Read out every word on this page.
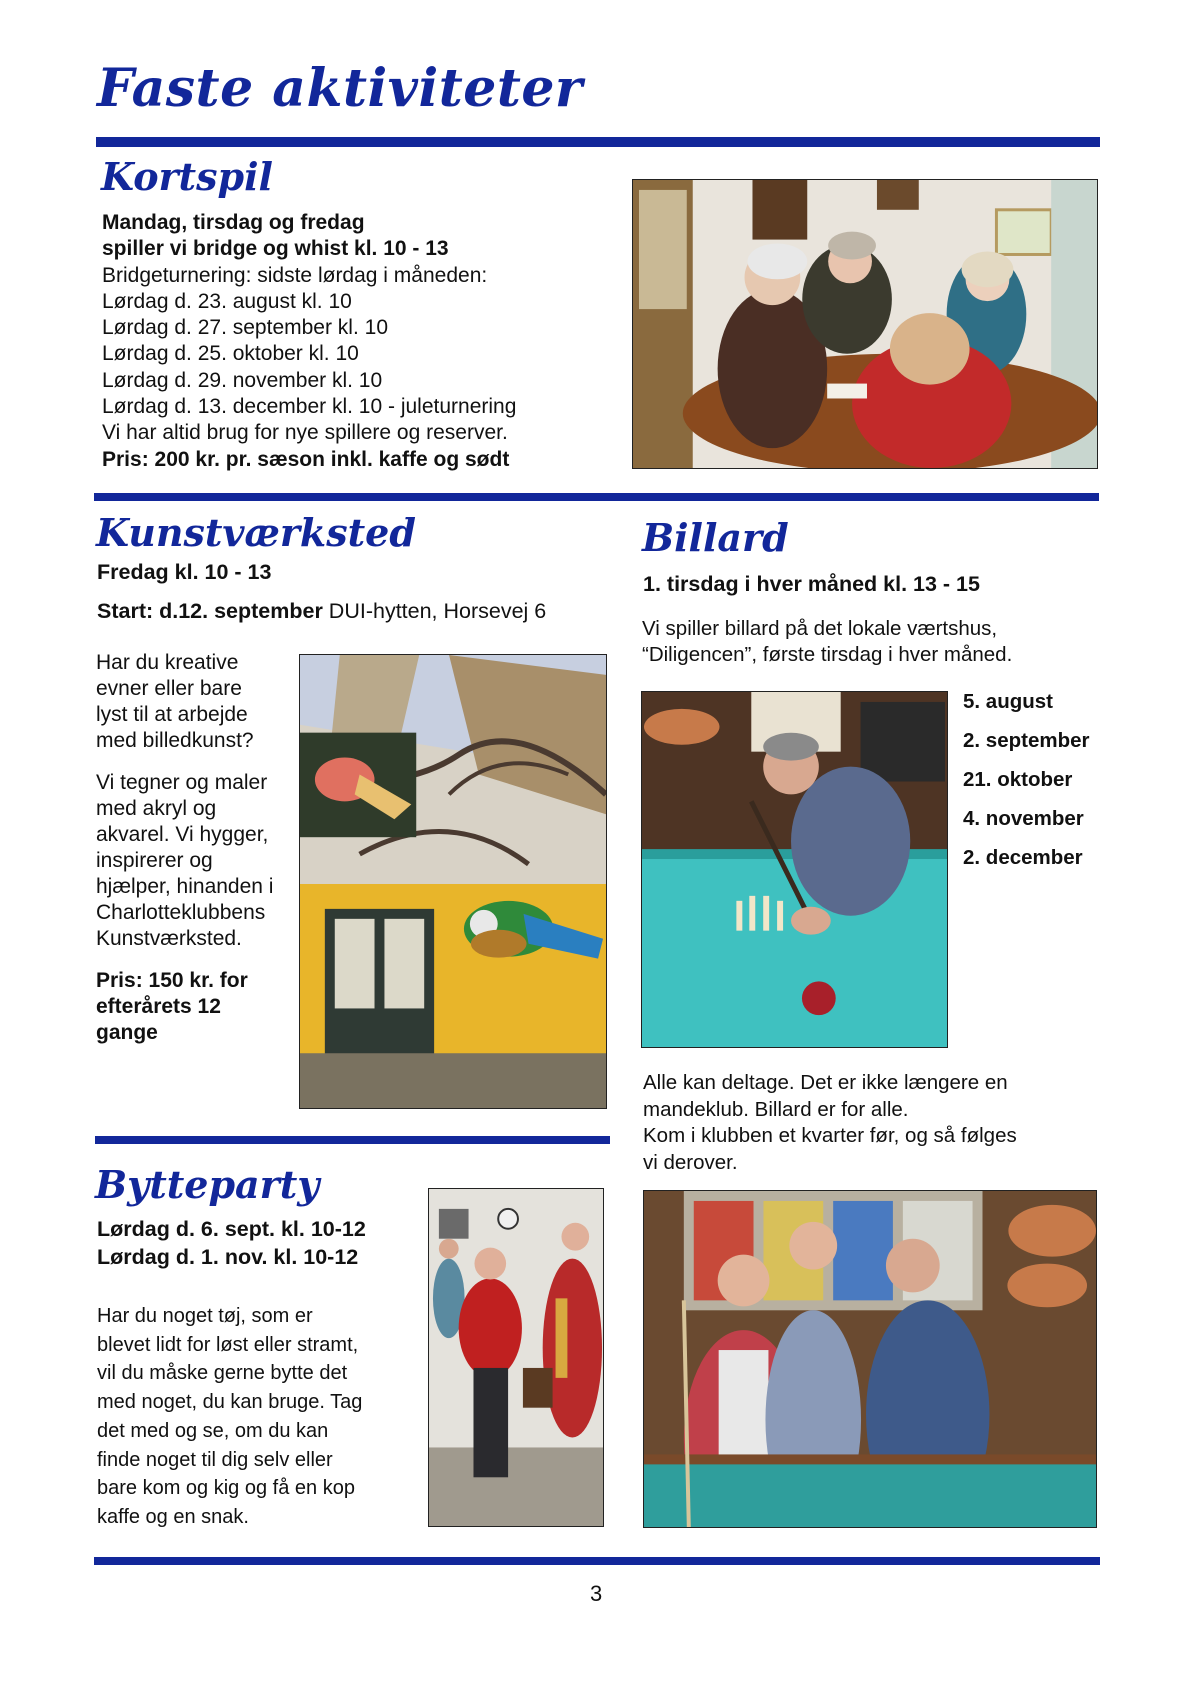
Faste aktiviteter
Kortspil
Mandag, tirsdag og fredag
spiller vi bridge og whist kl. 10 - 13
Bridgeturnering: sidste lørdag i måneden:
Lørdag d. 23. august kl. 10
Lørdag d. 27. september kl. 10
Lørdag d. 25. oktober kl. 10
Lørdag d. 29. november kl. 10
Lørdag d. 13. december kl. 10 - juleturnering
Vi har altid brug for nye spillere og reserver.
Pris: 200 kr. pr. sæson inkl. kaffe og sødt
Kunstværksted
Fredag kl. 10 - 13
Start: d.12. september DUI-hytten, Horsevej 6
Har du kreative
evner eller bare
lyst til at arbejde
med billedkunst?
Vi tegner og maler
med akryl og
akvarel. Vi hygger,
inspirerer og
hjælper, hinanden i
Charlotteklubbens
Kunstværksted.
Pris: 150 kr. for
efterårets 12
gange
Billard
1. tirsdag i hver måned kl. 13 - 15
Vi spiller billard på det lokale værtshus,
“Diligencen”, første tirsdag i hver måned.
5. august
2. september
21. oktober
4. november
2. december
Alle kan deltage. Det er ikke længere en
mandeklub. Billard er for alle.
Kom i klubben et kvarter før, og så følges
vi derover.
Bytteparty
Lørdag d. 6. sept. kl. 10-12
Lørdag d. 1. nov. kl. 10-12
Har du noget tøj, som er
blevet lidt for løst eller stramt,
vil du måske gerne bytte det
med noget, du kan bruge. Tag
det med og se, om du kan
finde noget til dig selv eller
bare kom og kig og få en kop
kaffe og en snak.
3
